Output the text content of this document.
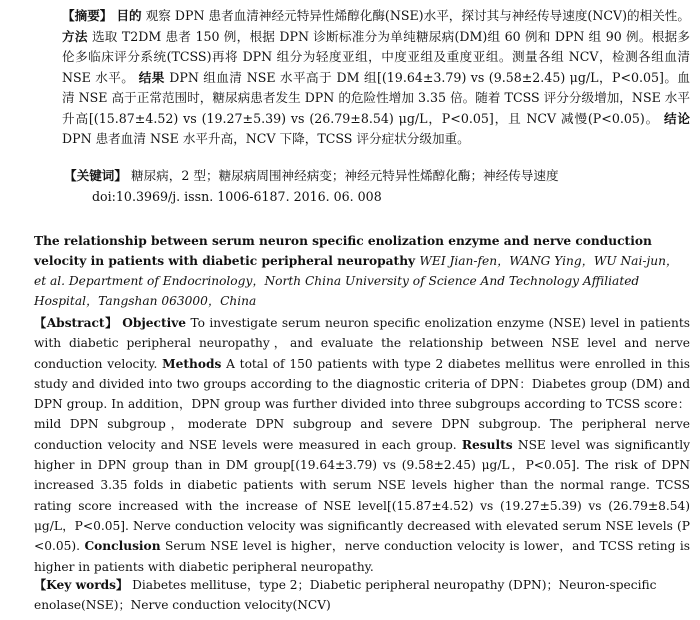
【摘要】 目的 观察 DPN 患者血清神经元特异性烯醇化酶(NSE)水平，探讨其与神经传导速度(NCV)的相关性。 方法 选取 T2DM 患者 150 例，根据 DPN 诊断标准分为单纯糖尿病(DM)组 60 例和 DPN 组 90 例。根据多伦多临床评分系统(TCSS)再将 DPN 组分为轻度亚组，中度亚组及重度亚组。测量各组 NCV，检测各组血清 NSE 水平。 结果 DPN 组血清 NSE 水平高于 DM 组[(19.64±3.79) vs (9.58±2.45) μg/L，P<0.05]。血清 NSE 高于正常范围时，糖尿病患者发生 DPN 的危险性增加 3.35 倍。随着 TCSS 评分分级增加，NSE 水平升高[(15.87±4.52) vs (19.27±5.39) vs (26.79±8.54) μg/L，P<0.05]，且 NCV 减慢(P<0.05)。 结论 DPN 患者血清 NSE 水平升高，NCV 下降，TCSS 评分症状分级加重。
【关键词】 糖尿病，2 型；糖尿病周围神经病变；神经元特异性烯醇化酶；神经传导速度
doi:10.3969/j. issn. 1006-6187. 2016. 06. 008
The relationship between serum neuron specific enolization enzyme and nerve conduction velocity in patients with diabetic peripheral neuropathy WEI Jian-fen，WANG Ying，WU Nai-jun，et al. Department of Endocrinology，North China University of Science And Technology Affiliated Hospital，Tangshan 063000，China
【Abstract】 Objective To investigate serum neuron specific enolization enzyme (NSE) level in patients with diabetic peripheral neuropathy，and evaluate the relationship between NSE level and nerve conduction velocity. Methods A total of 150 patients with type 2 diabetes mellitus were enrolled in this study and divided into two groups according to the diagnostic criteria of DPN：Diabetes group (DM) and DPN group. In addition，DPN group was further divided into three subgroups according to TCSS score：mild DPN subgroup，moderate DPN subgroup and severe DPN subgroup. The peripheral nerve conduction velocity and NSE levels were measured in each group. Results NSE level was significantly higher in DPN group than in DM group[(19.64±3.79) vs (9.58±2.45) μg/L，P<0.05]. The risk of DPN increased 3.35 folds in diabetic patients with serum NSE levels higher than the normal range. TCSS rating score increased with the increase of NSE level[(15.87±4.52) vs (19.27±5.39) vs (26.79±8.54) μg/L，P<0.05]. Nerve conduction velocity was significantly decreased with elevated serum NSE levels (P <0.05). Conclusion Serum NSE level is higher，nerve conduction velocity is lower，and TCSS reting is higher in patients with diabetic peripheral neuropathy.
【Key words】 Diabetes mellituse，type 2；Diabetic peripheral neuropathy (DPN)；Neuron-specific enolase(NSE)；Nerve conduction velocity(NCV)
